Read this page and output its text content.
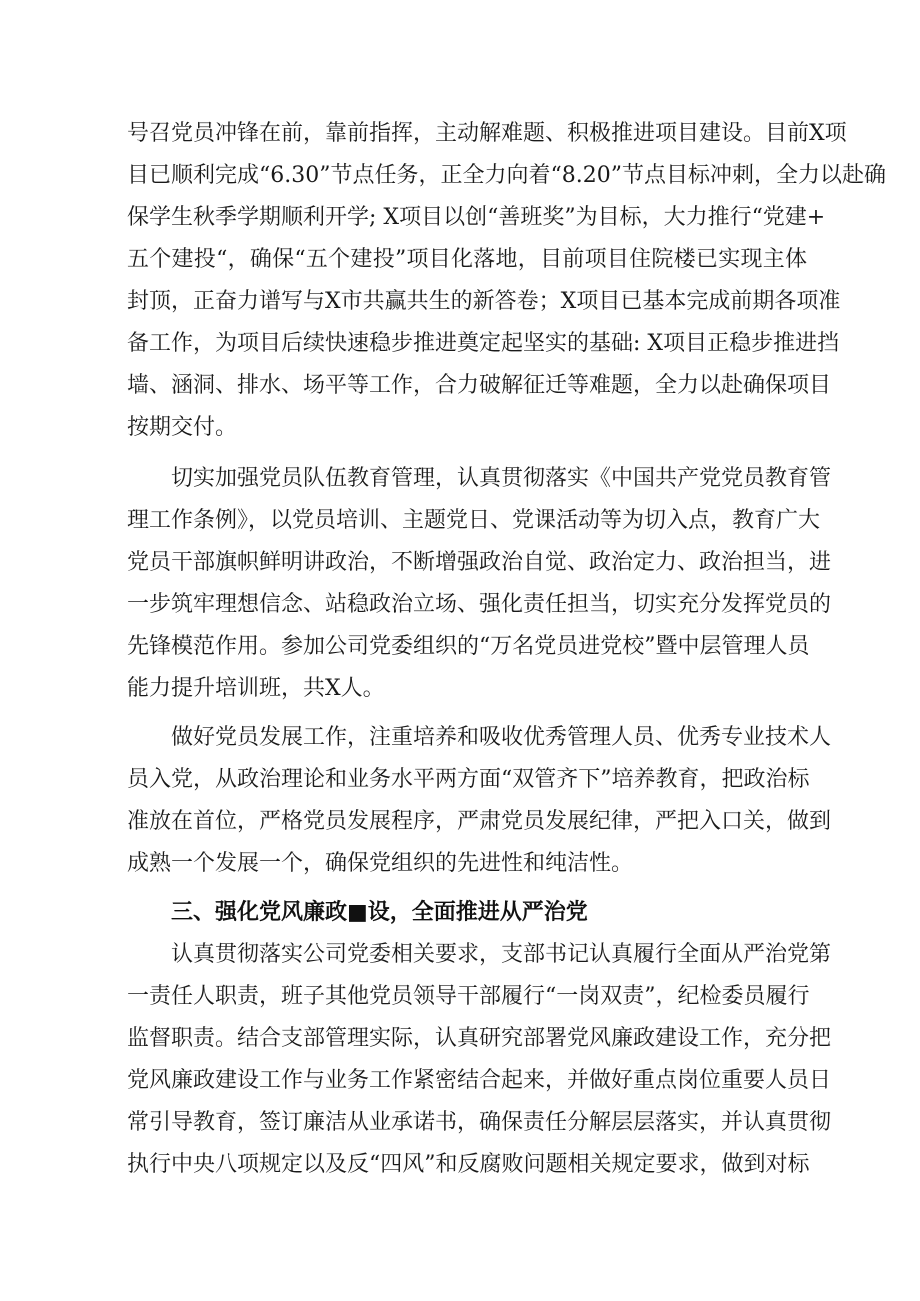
号召党员冲锋在前，靠前指挥，主动解难题、积极推进项目建设。目前X项

目已顺利完成“6.30”节点任务，正全力向着“8.20”节点目标冲刺，全力以赴确

保学生秋季学期顺利开学; X项目以创“善班奖”为目标，大力推行“党建+

五个建投“，确保“五个建投”项目化落地，目前项目住院楼已实现主体

封顶，正奋力谱写与X市共赢共生的新答卷；X项目已基本完成前期各项准

备工作，为项目后续快速稳步推进奠定起坚实的基础: X项目正稳步推进挡

墙、涵洞、排水、场平等工作，合力破解征迁等难题，全力以赴确保项目

按期交付。

切实加强党员队伍教育管理，认真贯彻落实《中国共产党党员教育管

理工作条例》，以党员培训、主题党日、党课活动等为切入点，教育广大

党员干部旗帜鲜明讲政治，不断增强政治自觉、政治定力、政治担当，进

一步筑牢理想信念、站稳政治立场、强化责任担当，切实充分发挥党员的

先锋模范作用。参加公司党委组织的“万名党员进党校”暨中层管理人员

能力提升培训班，共X人。

做好党员发展工作，注重培养和吸收优秀管理人员、优秀专业技术人

员入党，从政治理论和业务水平两方面“双管齐下”培养教育，把政治标

准放在首位，严格党员发展程序，严肃党员发展纪律，严把入口关，做到

成熟一个发展一个，确保党组织的先进性和纯洁性。

三、强化党风廉政■设，全面推进从严治党

认真贯彻落实公司党委相关要求，支部书记认真履行全面从严治党第

一责任人职责，班子其他党员领导干部履行“一岗双责”，纪检委员履行

监督职责。结合支部管理实际，认真研究部署党风廉政建设工作，充分把

党风廉政建设工作与业务工作紧密结合起来，并做好重点岗位重要人员日

常引导教育，签订廉洁从业承诺书，确保责任分解层层落实，并认真贯彻

执行中央八项规定以及反“四风”和反腐败问题相关规定要求，做到对标
